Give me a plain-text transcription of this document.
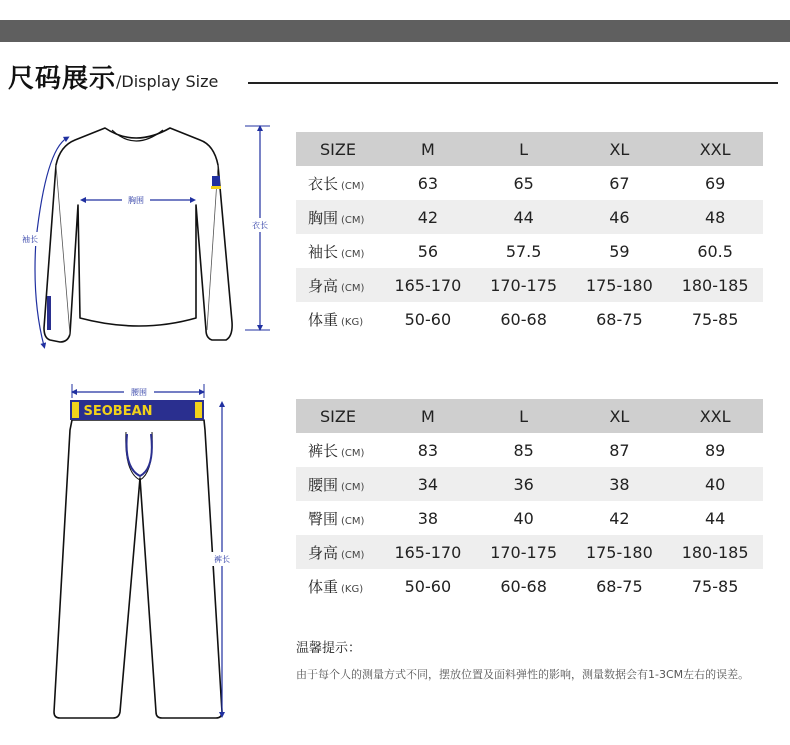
尺码展示/Display Size
胸围
衣长
袖长
SEOBEAN
腰围
裤长
SIZE	M	L	XL	XXL
衣长 (CM)	63	65	67	69
胸围 (CM)	42	44	46	48
袖长 (CM)	56	57.5	59	60.5
身高 (CM)	165-170	170-175	175-180	180-185
体重 (KG)	50-60	60-68	68-75	75-85
SIZE	M	L	XL	XXL
裤长 (CM)	83	85	87	89
腰围 (CM)	34	36	38	40
臀围 (CM)	38	40	42	44
身高 (CM)	165-170	170-175	175-180	180-185
体重 (KG)	50-60	60-68	68-75	75-85
温馨提示：
由于每个人的测量方式不同，摆放位置及面料弹性的影响，测量数据会有1-3CM左右的误差。
